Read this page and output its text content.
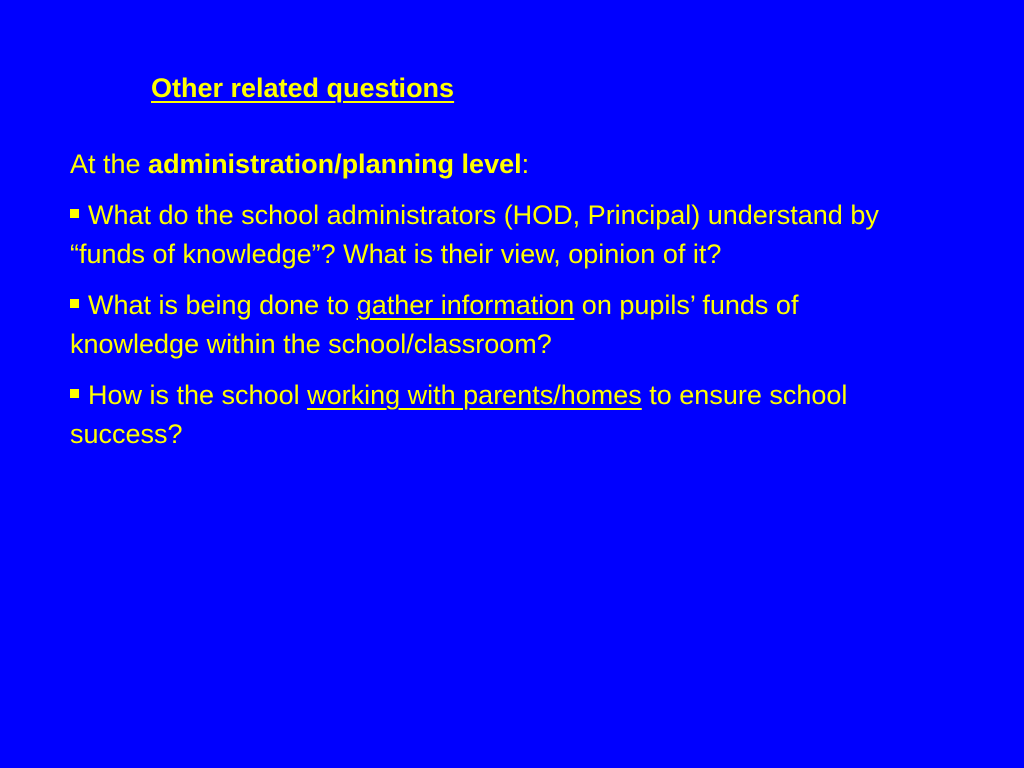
Other related questions

At the administration/planning level:

What do the school administrators (HOD, Principal) understand by “funds of knowledge”? What is their view, opinion of it?

What is being done to gather information on pupils’ funds of knowledge within the school/classroom?

How is the school working with parents/homes to ensure school success?
